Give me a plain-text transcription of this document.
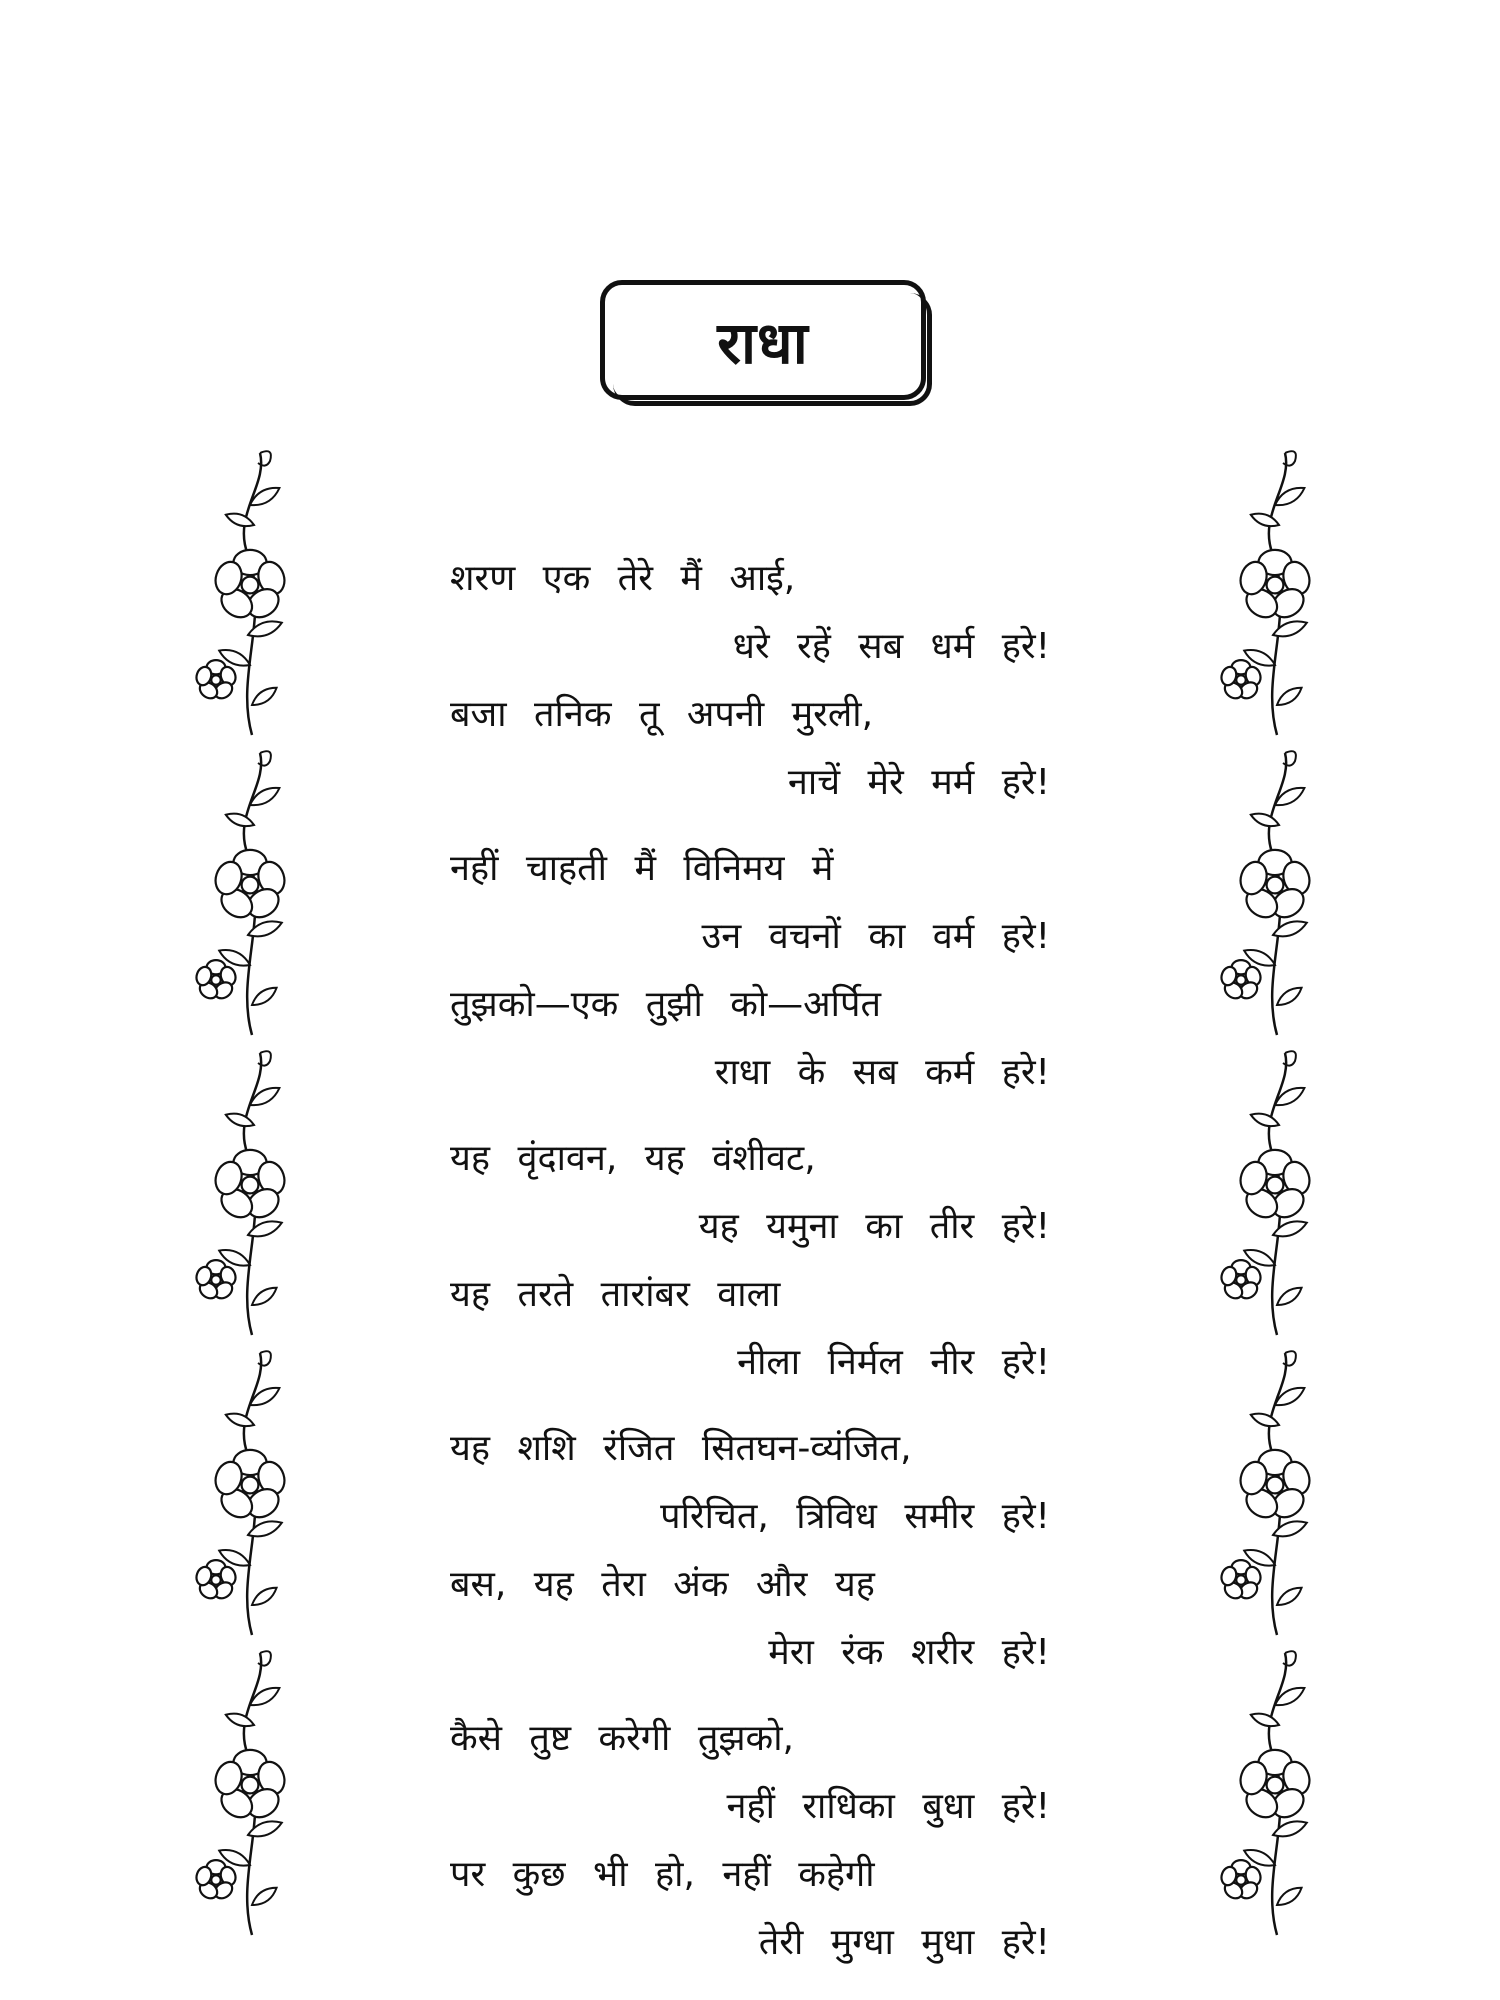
राधा
शरण एक तेरे मैं आई,
धरे रहें सब धर्म हरे!
बजा तनिक तू अपनी मुरली,
नाचें मेरे मर्म हरे!
नहीं चाहती मैं विनिमय में
उन वचनों का वर्म हरे!
तुझको—एक तुझी को—अर्पित
राधा के सब कर्म हरे!
यह वृंदावन, यह वंशीवट,
यह यमुना का तीर हरे!
यह तरते तारांबर वाला
नीला निर्मल नीर हरे!
यह शशि रंजित सितघन-व्यंजित,
परिचित, त्रिविध समीर हरे!
बस, यह तेरा अंक और यह
मेरा रंक शरीर हरे!
कैसे तुष्ट करेगी तुझको,
नहीं राधिका बुधा हरे!
पर कुछ भी हो, नहीं कहेगी
तेरी मुग्धा मुधा हरे!
